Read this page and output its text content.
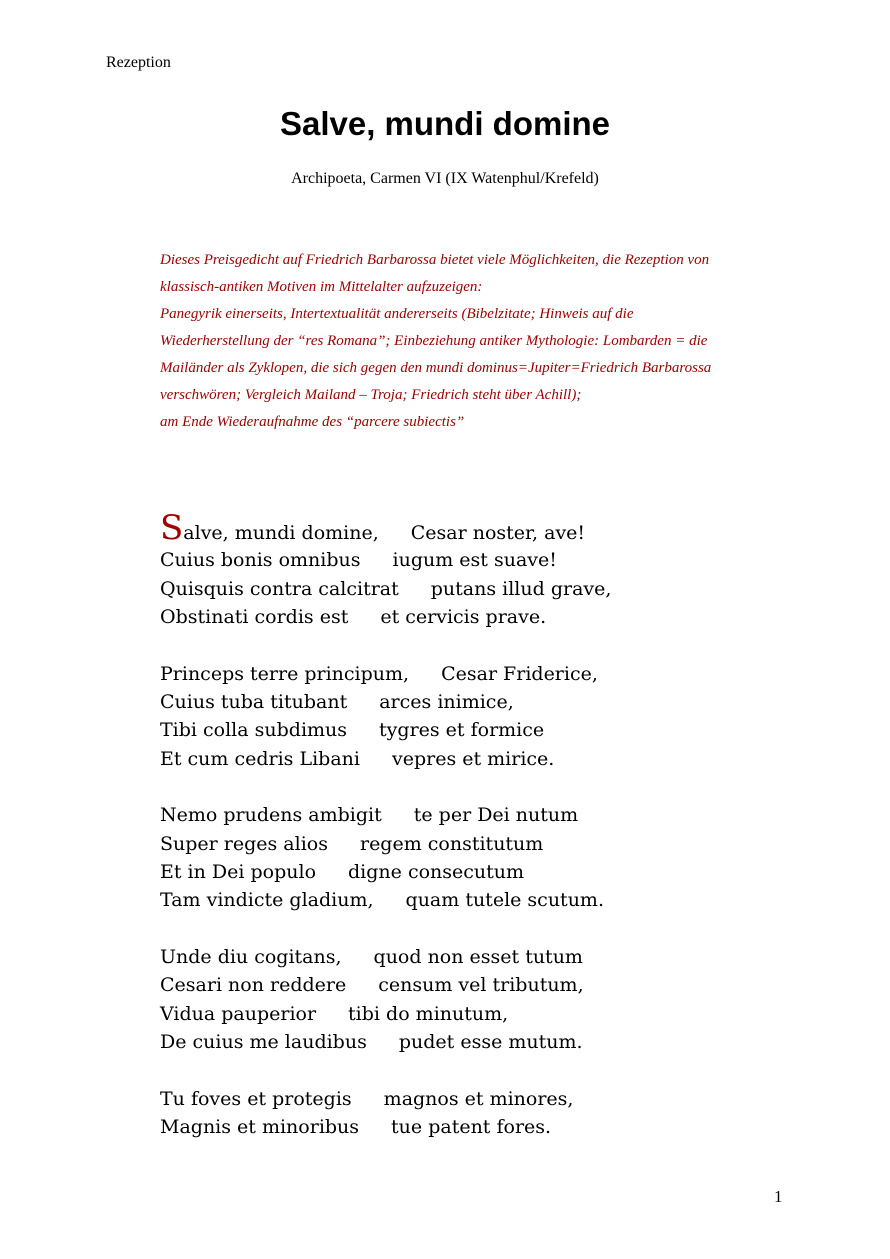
Rezeption
Salve, mundi domine
Archipoeta, Carmen VI (IX Watenphul/Krefeld)
Dieses Preisgedicht auf Friedrich Barbarossa bietet viele Möglichkeiten, die Rezeption von
klassisch-antiken Motiven im Mittelalter aufzuzeigen:
Panegyrik einerseits, Intertextualität andererseits (Bibelzitate; Hinweis auf die
Wiederherstellung der “res Romana”; Einbeziehung antiker Mythologie: Lombarden = die
Mailänder als Zyklopen, die sich gegen den mundi dominus=Jupiter=Friedrich Barbarossa
verschwören; Vergleich Mailand – Troja; Friedrich steht über Achill);
am Ende Wiederaufnahme des “parcere subiectis”
Salve, mundi domine, Cesar noster, ave!
Cuius bonis omnibus iugum est suave!
Quisquis contra calcitrat putans illud grave,
Obstinati cordis est et cervicis prave.
Princeps terre principum, Cesar Friderice,
Cuius tuba titubant arces inimice,
Tibi colla subdimus tygres et formice
Et cum cedris Libani vepres et mirice.
Nemo prudens ambigit te per Dei nutum
Super reges alios regem constitutum
Et in Dei populo digne consecutum
Tam vindicte gladium, quam tutele scutum.
Unde diu cogitans, quod non esset tutum
Cesari non reddere censum vel tributum,
Vidua pauperior tibi do minutum,
De cuius me laudibus pudet esse mutum.
Tu foves et protegis magnos et minores,
Magnis et minoribus tue patent fores.
1
